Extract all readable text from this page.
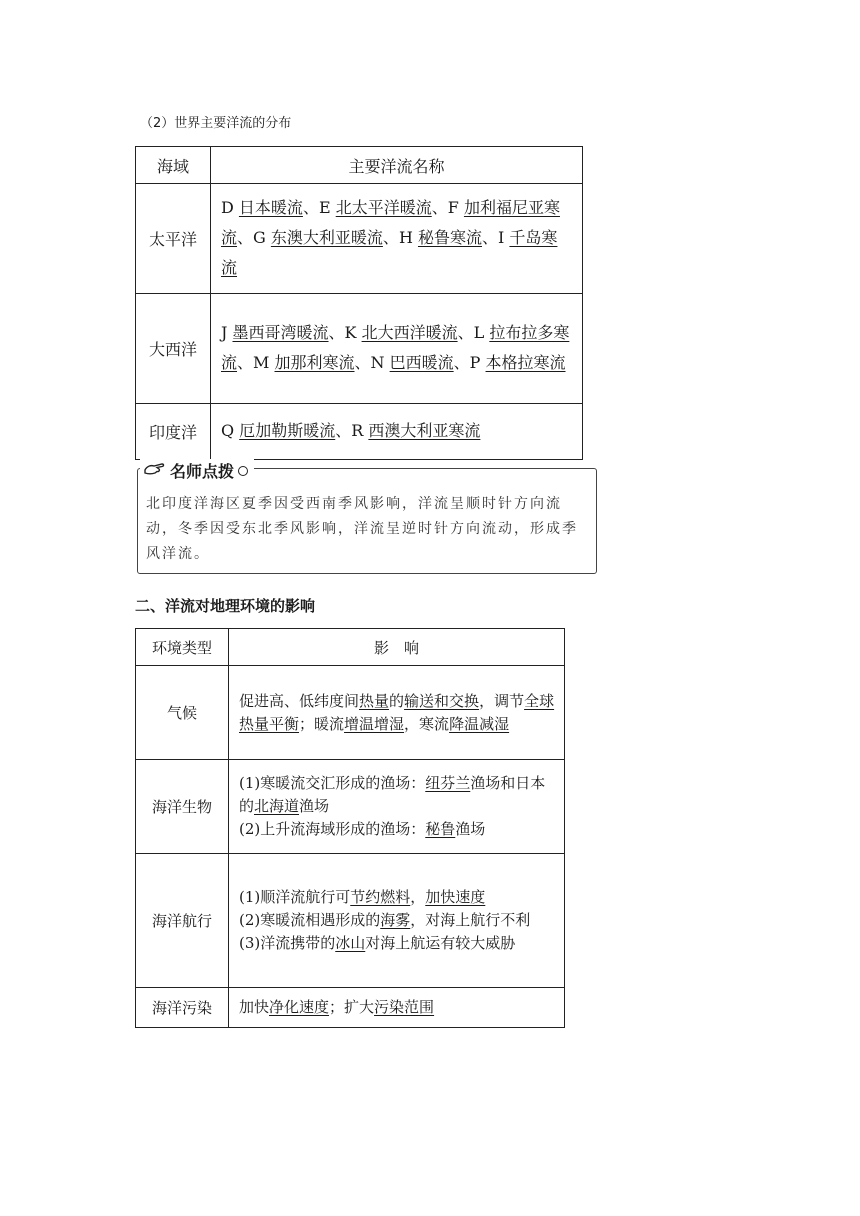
（2）世界主要洋流的分布
海域	主要洋流名称
太平洋	D 日本暖流、E 北太平洋暖流、F 加利福尼亚寒流、G 东澳大利亚暖流、H 秘鲁寒流、I 千岛寒流
大西洋	J 墨西哥湾暖流、K 北大西洋暖流、L 拉布拉多寒流、M 加那利寒流、N 巴西暖流、P 本格拉寒流
印度洋	Q 厄加勒斯暖流、R 西澳大利亚寒流
名师点拨
北印度洋海区夏季因受西南季风影响，洋流呈顺时针方向流动，冬季因受东北季风影响，洋流呈逆时针方向流动，形成季风洋流。
二、洋流对地理环境的影响
环境类型	影　响
气候	促进高、低纬度间热量的输送和交换，调节全球热量平衡；暖流增温增湿，寒流降温减湿

海洋生物	(1)寒暖流交汇形成的渔场：纽芬兰渔场和日本的北海道渔场
(2)上升流海域形成的渔场：秘鲁渔场

海洋航行	(1)顺洋流航行可节约燃料，加快速度
(2)寒暖流相遇形成的海雾，对海上航行不利
(3)洋流携带的冰山对海上航运有较大威胁

海洋污染	加快净化速度；扩大污染范围
